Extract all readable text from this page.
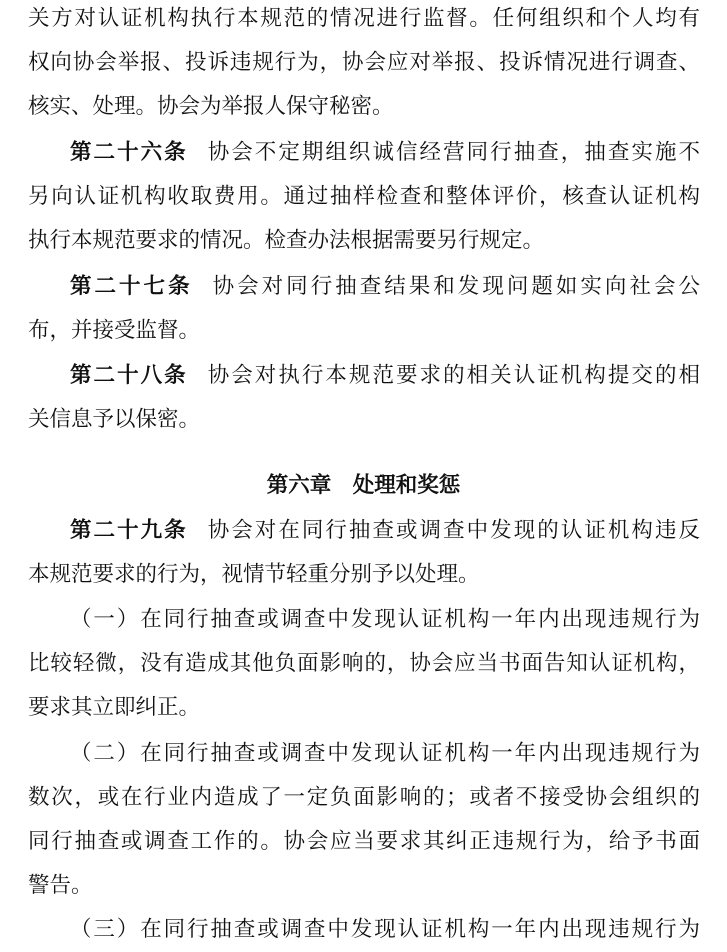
关方对认证机构执行本规范的情况进行监督。任何组织和个人均有
权向协会举报、投诉违规行为，协会应对举报、投诉情况进行调查、
核实、处理。协会为举报人保守秘密。
第二十六条 协会不定期组织诚信经营同行抽查，抽查实施不
另向认证机构收取费用。通过抽样检查和整体评价，核查认证机构
执行本规范要求的情况。检查办法根据需要另行规定。
第二十七条 协会对同行抽查结果和发现问题如实向社会公
布，并接受监督。
第二十八条 协会对执行本规范要求的相关认证机构提交的相
关信息予以保密。
第六章　处理和奖惩
第二十九条 协会对在同行抽查或调查中发现的认证机构违反
本规范要求的行为，视情节轻重分别予以处理。
（一）在同行抽查或调查中发现认证机构一年内出现违规行为
比较轻微，没有造成其他负面影响的，协会应当书面告知认证机构，
要求其立即纠正。
（二）在同行抽查或调查中发现认证机构一年内出现违规行为
数次，或在行业内造成了一定负面影响的；或者不接受协会组织的
同行抽查或调查工作的。协会应当要求其纠正违规行为，给予书面
警告。
（三）在同行抽查或调查中发现认证机构一年内出现违规行为
